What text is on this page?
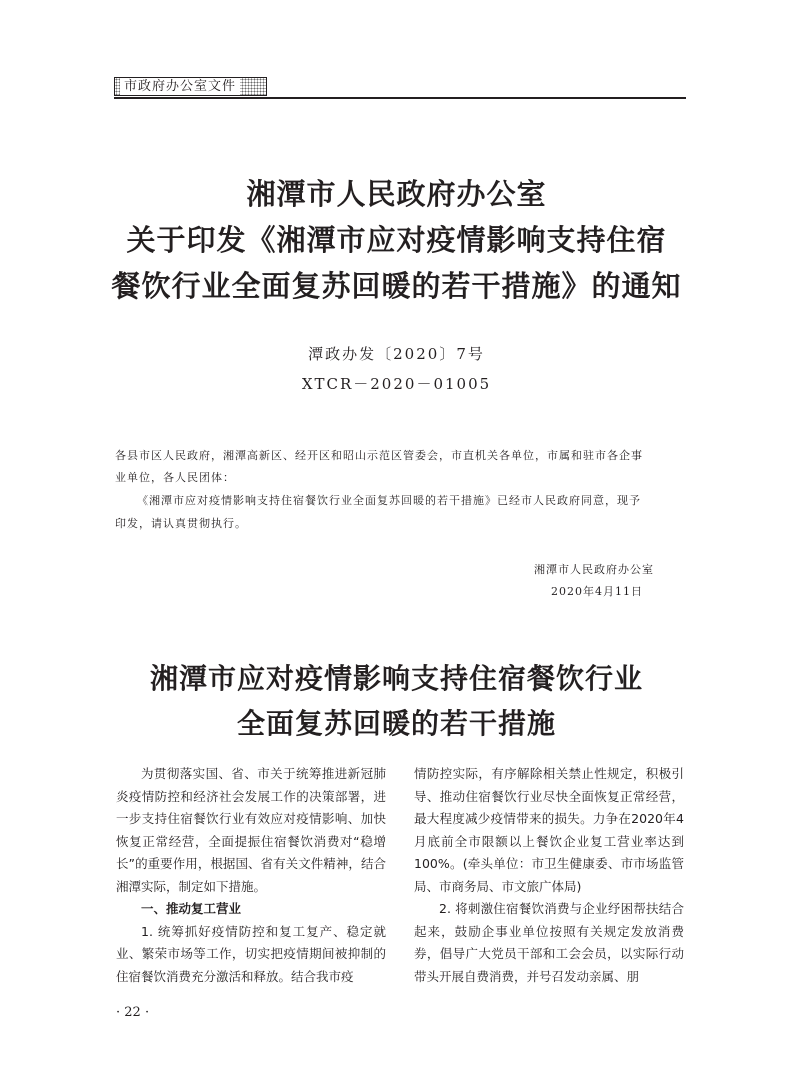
市政府办公室文件
湘潭市人民政府办公室
关于印发《湘潭市应对疫情影响支持住宿
餐饮行业全面复苏回暖的若干措施》的通知
潭政办发〔2020〕7号
XTCR－2020－01005
各县市区人民政府，湘潭高新区、经开区和昭山示范区管委会，市直机关各单位，市属和驻市各企事
业单位，各人民团体：
《湘潭市应对疫情影响支持住宿餐饮行业全面复苏回暖的若干措施》已经市人民政府同意，现予
印发，请认真贯彻执行。
湘潭市人民政府办公室
2020年4月11日
湘潭市应对疫情影响支持住宿餐饮行业
全面复苏回暖的若干措施

为贯彻落实国、省、市关于统筹推进新冠肺炎疫情防控和经济社会发展工作的决策部署，进一步支持住宿餐饮行业有效应对疫情影响、加快恢复正常经营，全面提振住宿餐饮消费对“稳增长”的重要作用，根据国、省有关文件精神，结合湘潭实际，制定如下措施。

一、推动复工营业

1. 统筹抓好疫情防控和复工复产、稳定就业、繁荣市场等工作，切实把疫情期间被抑制的住宿餐饮消费充分激活和释放。结合我市疫

情防控实际，有序解除相关禁止性规定，积极引导、推动住宿餐饮行业尽快全面恢复正常经营，最大程度减少疫情带来的损失。力争在2020年4月底前全市限额以上餐饮企业复工营业率达到100%。(牵头单位：市卫生健康委、市市场监管局、市商务局、市文旅广体局)

2. 将刺激住宿餐饮消费与企业纾困帮扶结合起来，鼓励企事业单位按照有关规定发放消费券，倡导广大党员干部和工会会员，以实际行动带头开展自费消费，并号召发动亲属、朋

· 22 ·
